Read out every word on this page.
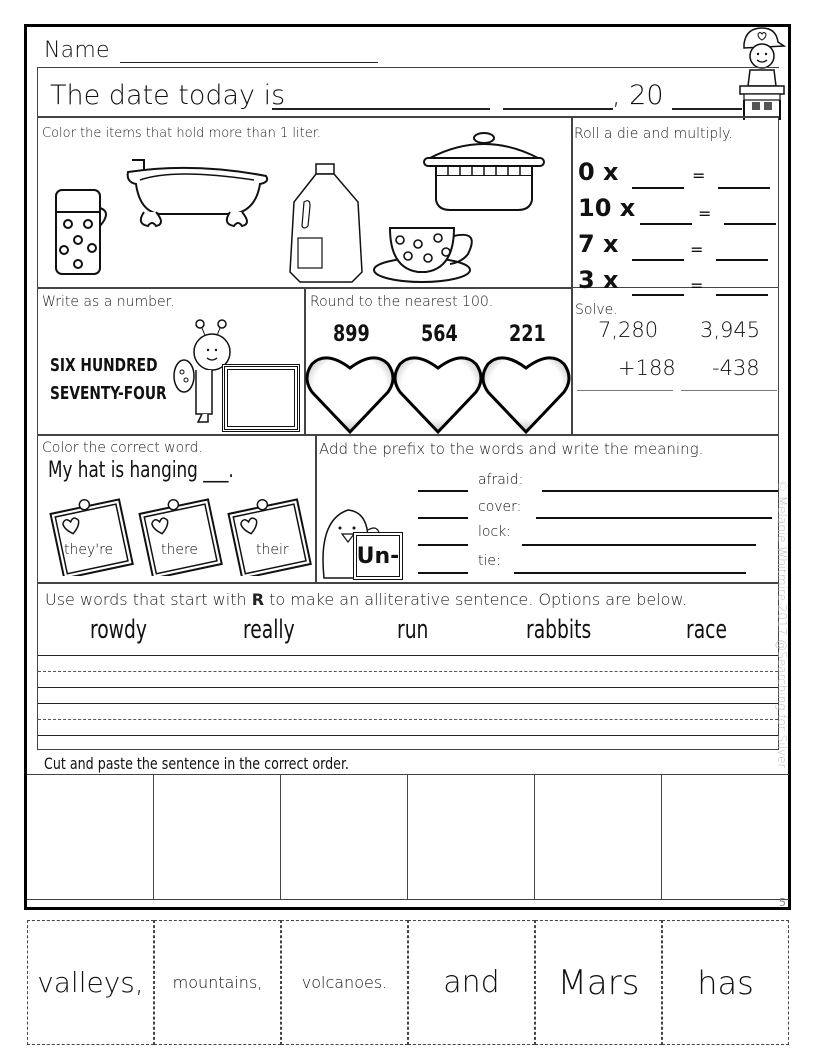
Name
The date today is	, 20
Color the items that hold more than 1 liter.	Roll a die and multiply.
0 x	=
10 x	=
7 x	=
3 x	=
Write as a number.
SIX HUNDRED
SEVENTY-FOUR
Round to the nearest 100.
899 564 221
Solve.
7,280
+188
3,945
-438
Color the correct word.
My hat is hanging ___.
they're	there	their
Add the prefix to the words and write the meaning.
Un-
afraid:
cover:
lock:
tie:
Use words that start with R to make an alliterative sentence. Options are below.
rowdy	really	run	rabbits	race
Cut and paste the sentence in the correct order.
5
valleys, mountains, volcanoes. and Mars has
© Melanie Whitmire 2017 @Searching for Silver
